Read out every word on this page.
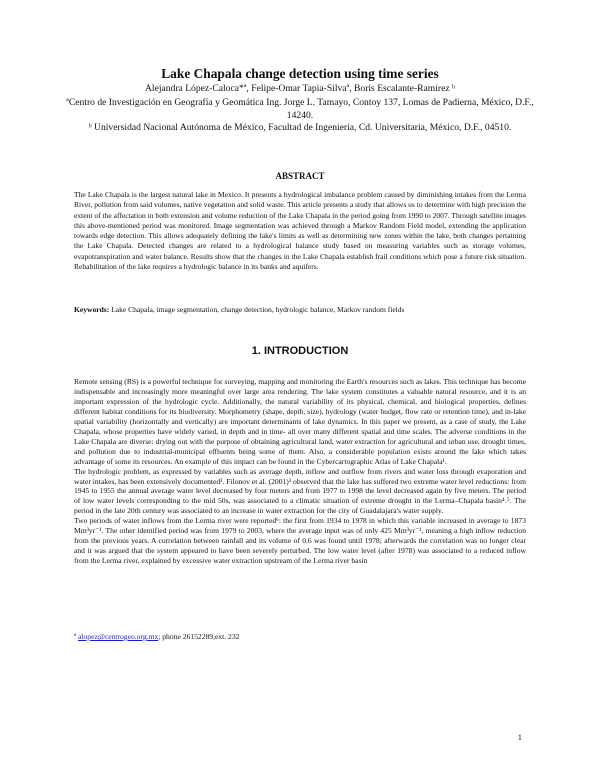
Lake Chapala change detection using time series
Alejandra López-Caloca*ª, Felipe-Omar Tapia-Silvaª, Boris Escalante-Ramírez ᵇ
ªCentro de Investigación en Geografía y Geomática Ing. Jorge L. Tamayo, Contoy 137, Lomas de Padierna, México, D.F., 14240.
ᵇ Universidad Nacional Autónoma de México, Facultad de Ingeniería, Cd. Universitaria, México, D.F., 04510.
ABSTRACT
The Lake Chapala is the largest natural lake in Mexico. It presents a hydrological imbalance problem caused by diminishing intakes from the Lerma River, pollution from said volumes, native vegetation and solid waste. This article presents a study that allows us to determine with high precision the extent of the affectation in both extension and volume reduction of the Lake Chapala in the period going from 1990 to 2007. Through satellite images this above-mentioned period was monitored. Image segmentation was achieved through a Markov Random Field model, extending the application towards edge detection. This allows adequately defining the lake's limits as well as determining new zones within the lake, both changes pertaining the Lake Chapala. Detected changes are related to a hydrological balance study based on measuring variables such as storage volumes, evapotranspiration and water balance. Results show that the changes in the Lake Chapala establish frail conditions which pose a future risk situation. Rehabilitation of the lake requires a hydrologic balance in its banks and aquifers.
Keywords: Lake Chapala, image segmentation, change detection, hydrologic balance, Markov random fields
1. INTRODUCTION

Remote sensing (RS) is a powerful technique for surveying, mapping and monitoring the Earth's resources such as lakes. This technique has become indispensable and increasingly more meaningful over large area rendering. The lake system constitutes a valuable natural resource, and it is an important expression of the hydrologic cycle. Additionally, the natural variability of its physical, chemical, and biological properties, defines different habitat conditions for its biodiversity. Morphometry (shape, depth, size), hydrology (water budget, flow rate or retention time), and in-lake spatial variability (horizontally and vertically) are important determinants of lake dynamics. In this paper we present, as a case of study, the Lake Chapala, whose properties have widely varied, in depth and in time- all over many different spatial and time scales. The adverse conditions in the Lake Chapala are diverse: drying out with the purpose of obtaining agricultural land, water extraction for agricultural and urban use, drought times, and pollution due to industrial-municipal effluents being some of them. Also, a considerable population exists around the lake which takes advantage of some its resources. An example of this impact can be found in the Cybercartographic Atlas of Lake Chapala¹.

The hydrologic problem, as expressed by variables such as average depth, inflow and outflow from rivers and water loss through evaporation and water intakes, has been extensively documented². Filonov et al. (2001)³ observed that the lake has suffered two extreme water level reductions: from 1945 to 1955 the annual average water level decreased by four meters and from 1977 to 1998 the level decreased again by five meters. The period of low water levels corresponding to the mid 50s, was associated to a climatic situation of extreme drought in the Lerma–Chapala basin⁴˒⁵. The period in the late 20th century was associated to an increase in water extraction for the city of Guadalajara's water supply.

Two periods of water inflows from the Lerma river were reported⁶: the first from 1934 to 1978 in which this variable increased in average to 1873 Mm³yr⁻¹. The other identified period was from 1979 to 2003, where the average input was of only 425 Mm³yr⁻¹, meaning a high inflow reduction from the previous years. A correlation between rainfall and its volume of 0.6 was found until 1978; afterwards the correlation was no longer clear and it was argued that the system appeared to have been severely perturbed. The low water level (after 1978) was associated to a reduced inflow from the Lerma river, explained by excessive water extraction upstream of the Lerma river basin

ª alopez@centrogeo.org.mx; phone 26152289,ext. 232
1
